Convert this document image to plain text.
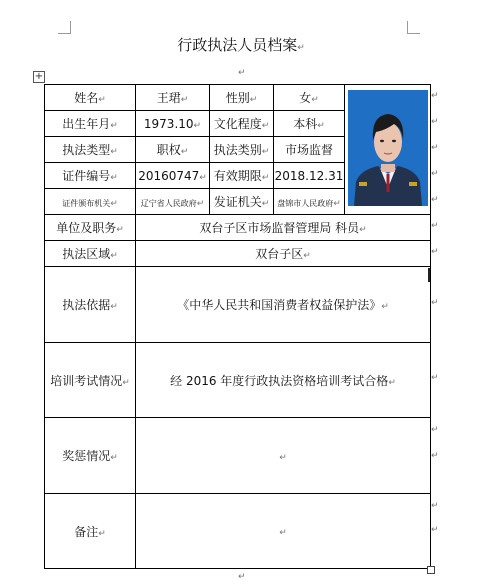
行政执法人员档案↵
↵
+
姓名↵	王珺↵	性别↵	女↵	
出生年月↵	1973.10↵	文化程度↵	本科↵	
执法类型↵	职权↵	执法类别↵	市场监督	
证件编号↵	20160747↵	有效期限↵	2018.12.31	
证件颁布机关↵	辽宁省人民政府↵	发证机关↵	盘锦市人民政府↵	
单位及职务↵	双台子区市场监督管理局 科员↵			
执法区域↵	双台子区↵			
执法依据↵	《中华人民共和国消费者权益保护法》↵			
培训考试情况↵	经 2016 年度行政执法资格培训考试合格↵			
奖惩情况↵	↵			
备注↵	↵			
↵
↵
↵
↵
↵
↵
↵
↵
↵
↵
↵
↵
↵
↵
